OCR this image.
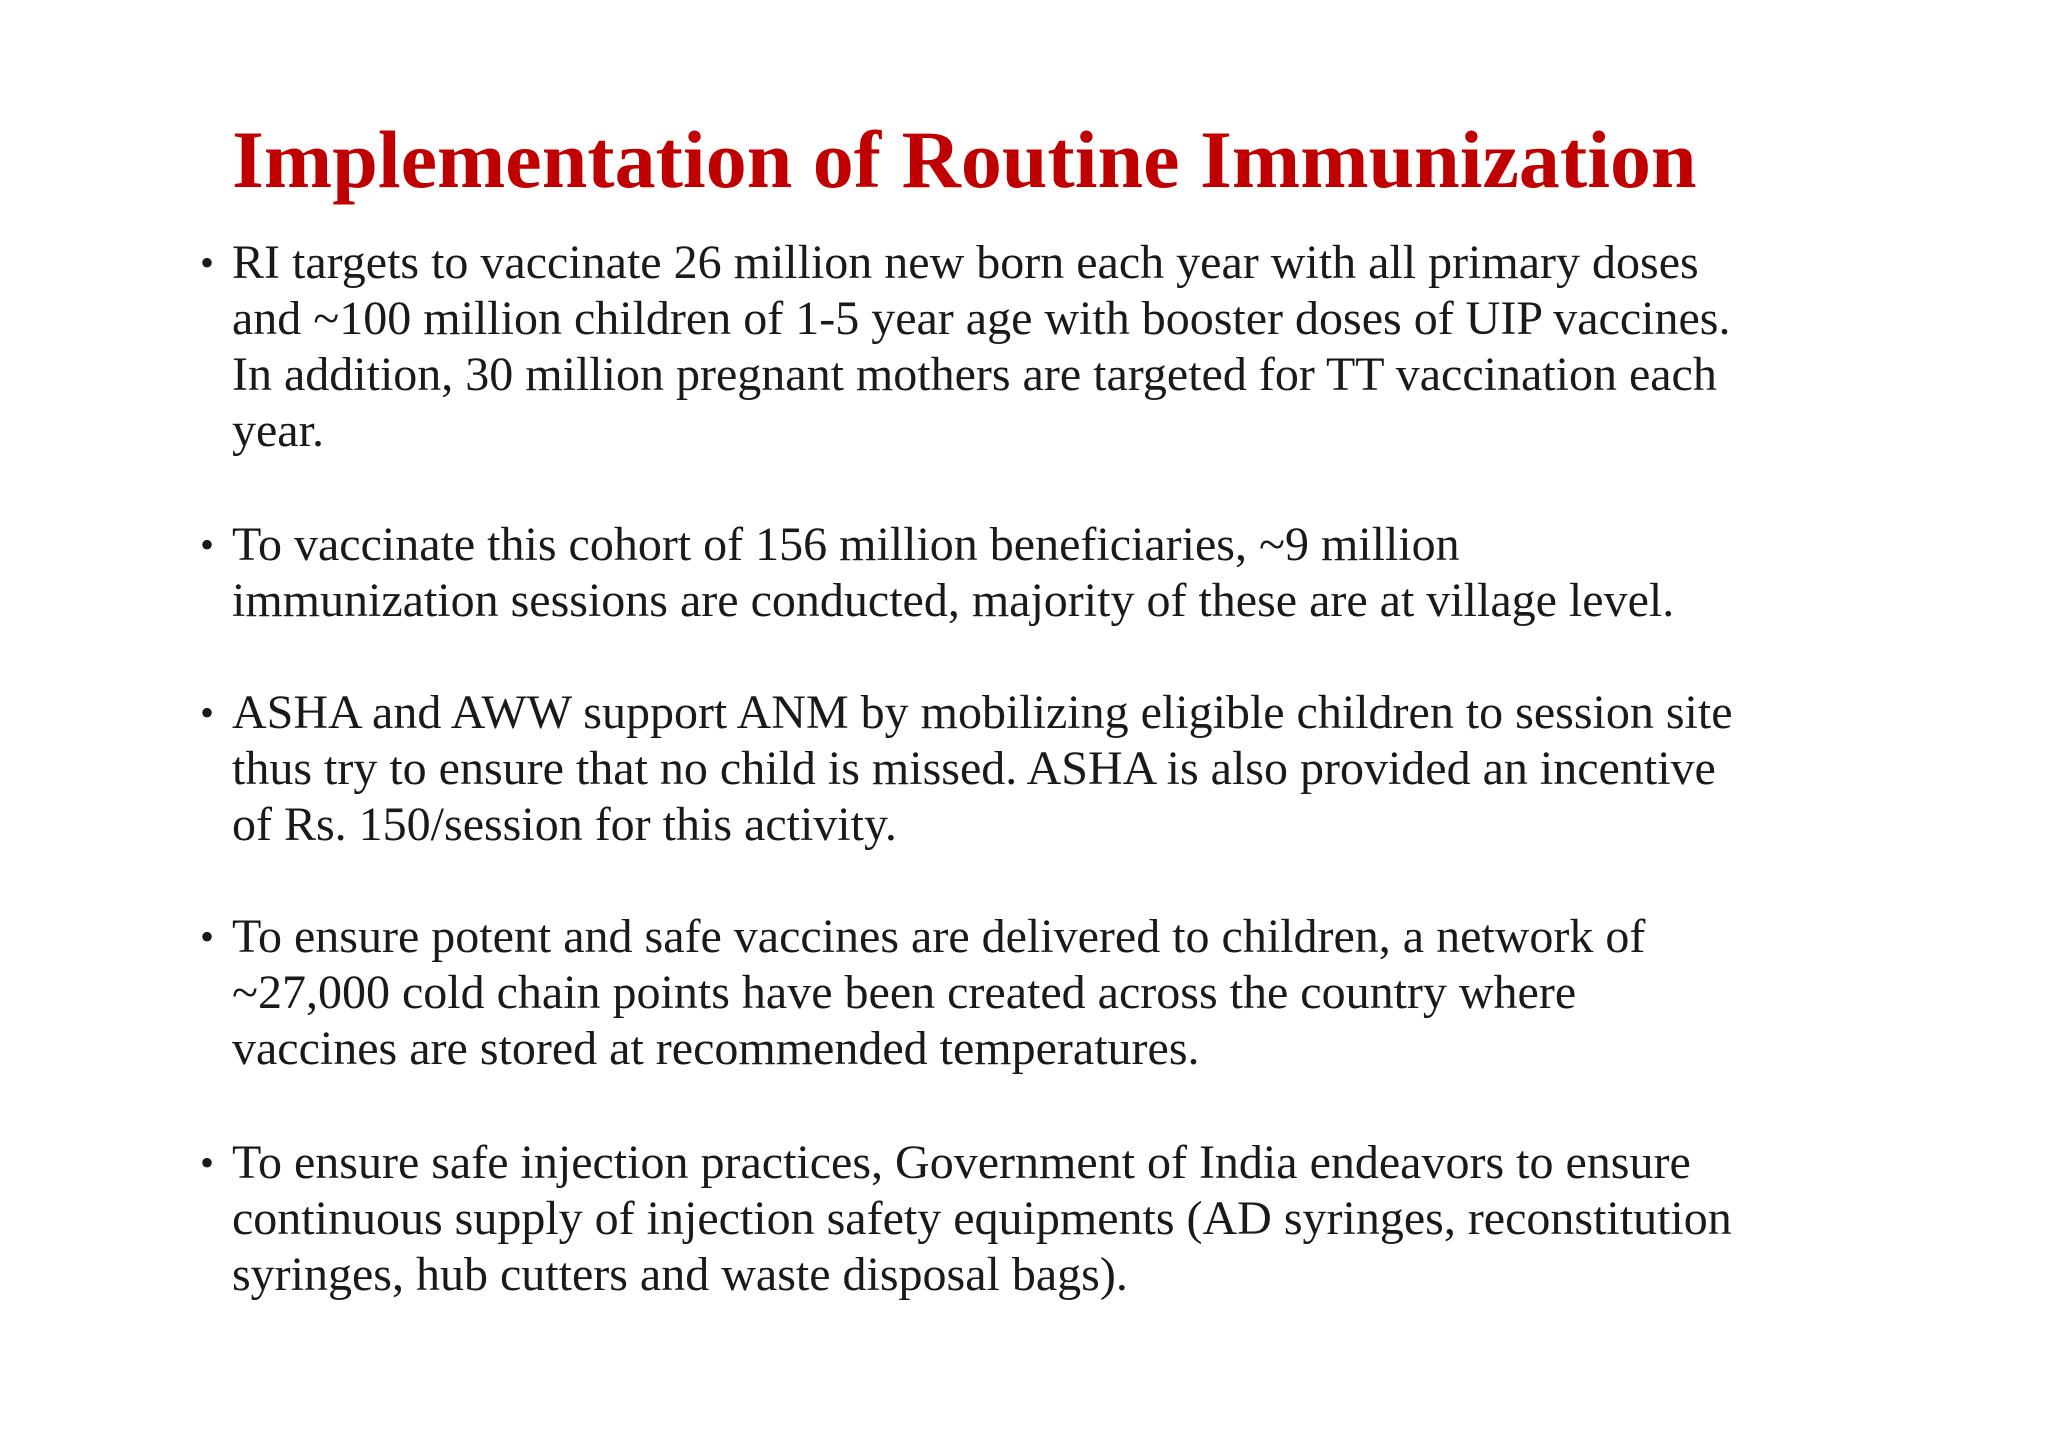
Implementation of Routine Immunization
• RI targets to vaccinate 26 million new born each year with all primary doses
and ~100 million children of 1-5 year age with booster doses of UIP vaccines.
In addition, 30 million pregnant mothers are targeted for TT vaccination each
year.
• To vaccinate this cohort of 156 million beneficiaries, ~9 million
immunization sessions are conducted, majority of these are at village level.
• ASHA and AWW support ANM by mobilizing eligible children to session site
thus try to ensure that no child is missed. ASHA is also provided an incentive
of Rs. 150/session for this activity.
• To ensure potent and safe vaccines are delivered to children, a network of
~27,000 cold chain points have been created across the country where
vaccines are stored at recommended temperatures.
• To ensure safe injection practices, Government of India endeavors to ensure
continuous supply of injection safety equipments (AD syringes, reconstitution
syringes, hub cutters and waste disposal bags).
